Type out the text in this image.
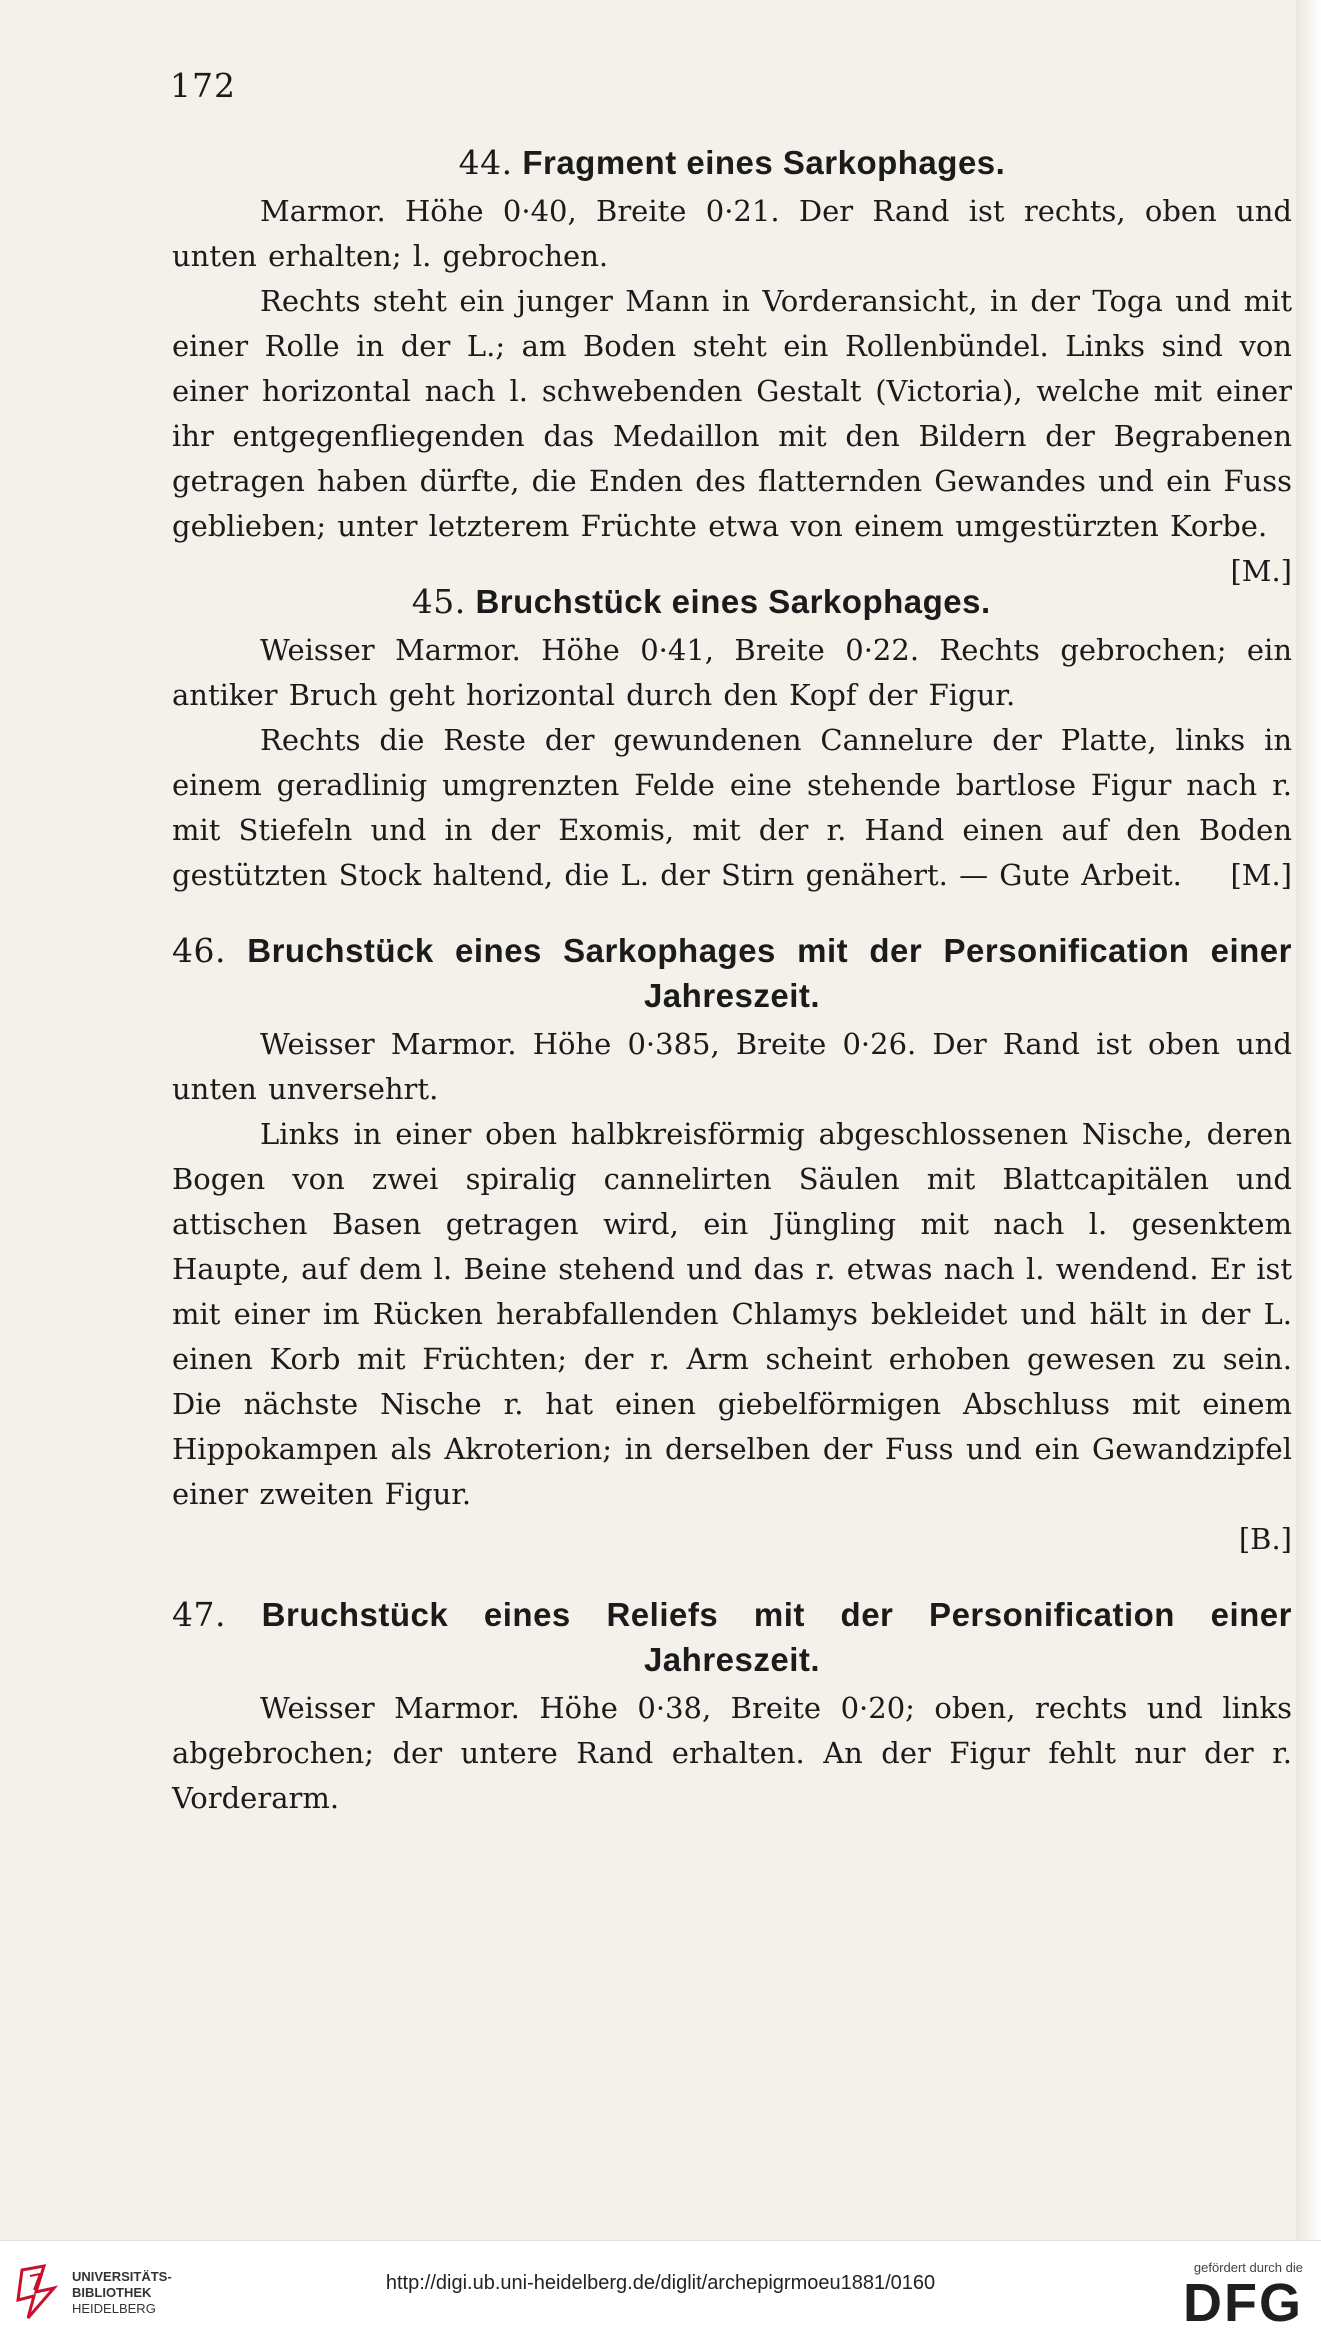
172
44. Fragment eines Sarkophages.

Marmor. Höhe 0·40, Breite 0·21. Der Rand ist rechts, oben und unten erhalten; l. gebrochen.

Rechts steht ein junger Mann in Vorderansicht, in der Toga und mit einer Rolle in der L.; am Boden steht ein Rollenbündel. Links sind von einer horizontal nach l. schwebenden Gestalt (Victoria), welche mit einer ihr entgegenfliegenden das Medaillon mit den Bildern der Begrabenen getragen haben dürfte, die Enden des flatternden Gewandes und ein Fuss geblieben; unter letzterem Früchte etwa von einem umgestürzten Korbe.
[M.]

45. Bruchstück eines Sarkophages.

Weisser Marmor. Höhe 0·41, Breite 0·22. Rechts gebrochen; ein antiker Bruch geht horizontal durch den Kopf der Figur.

Rechts die Reste der gewundenen Cannelure der Platte, links in einem geradlinig umgrenzten Felde eine stehende bartlose Figur nach r. mit Stiefeln und in der Exomis, mit der r. Hand einen auf den Boden gestützten Stock haltend, die L. der Stirn genähert. — Gute Arbeit. [M.]

46. Bruchstück eines Sarkophages mit der Personification einer Jahreszeit.

Weisser Marmor. Höhe 0·385, Breite 0·26. Der Rand ist oben und unten unversehrt.

Links in einer oben halbkreisförmig abgeschlossenen Nische, deren Bogen von zwei spiralig cannelirten Säulen mit Blattcapitälen und attischen Basen getragen wird, ein Jüngling mit nach l. gesenktem Haupte, auf dem l. Beine stehend und das r. etwas nach l. wendend. Er ist mit einer im Rücken herabfallenden Chlamys bekleidet und hält in der L. einen Korb mit Früchten; der r. Arm scheint erhoben gewesen zu sein. Die nächste Nische r. hat einen giebelförmigen Abschluss mit einem Hippokampen als Akroterion; in derselben der Fuss und ein Gewandzipfel einer zweiten Figur.

[B.]

47. Bruchstück eines Reliefs mit der Personification einer Jahreszeit.

Weisser Marmor. Höhe 0·38, Breite 0·20; oben, rechts und links abgebrochen; der untere Rand erhalten. An der Figur fehlt nur der r. Vorderarm.

UNIVERSITÄTS-
BIBLIOTHEK
HEIDELBERG
http://digi.ub.uni-heidelberg.de/diglit/archepigrmoeu1881/0160
gefördert durch die
DFG
